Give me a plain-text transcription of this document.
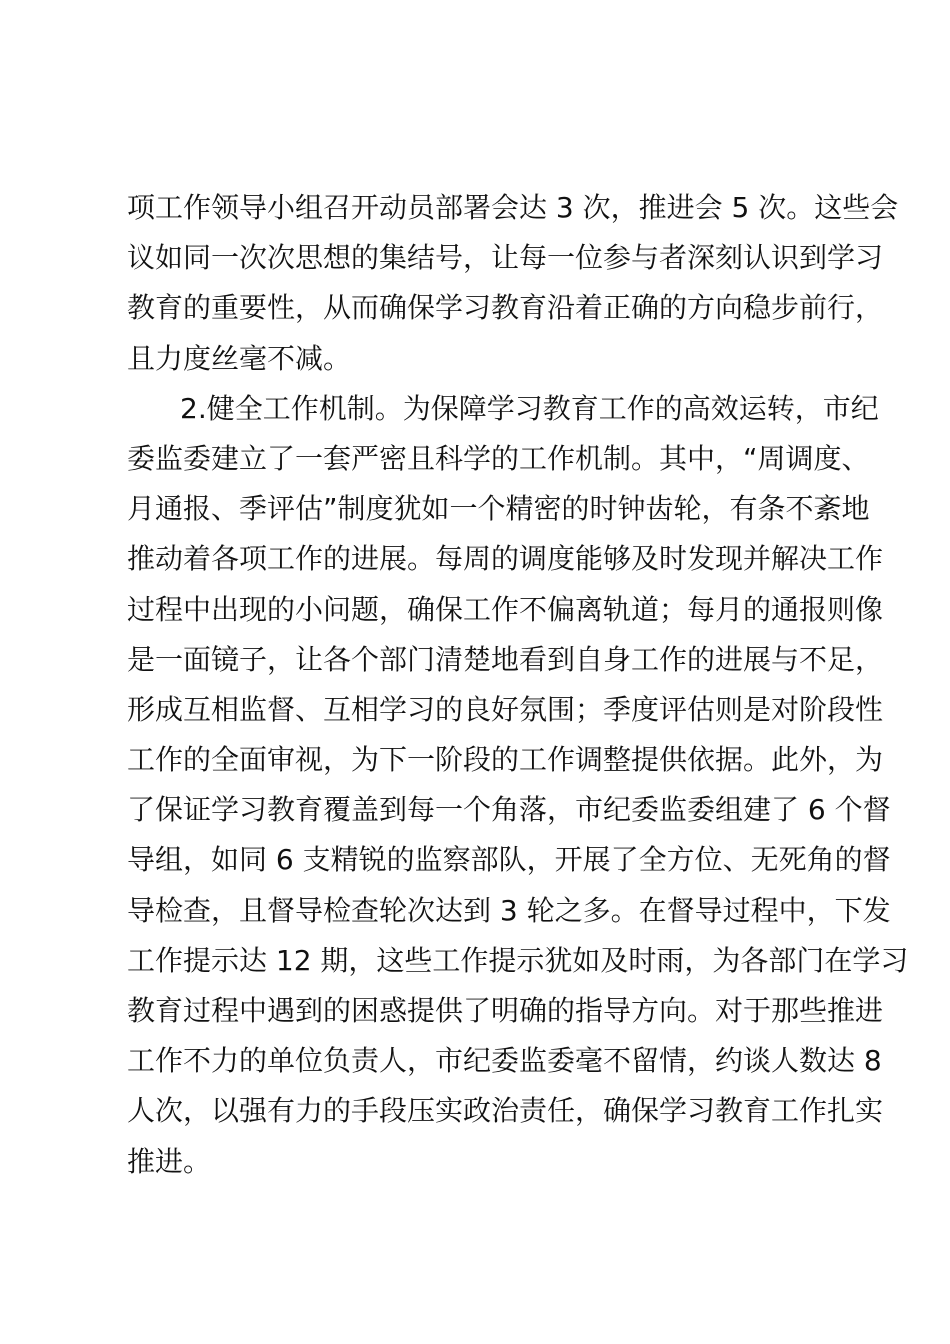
项工作领导小组召开动员部署会达 3 次，推进会 5 次。这些会
议如同一次次思想的集结号，让每一位参与者深刻认识到学习
教育的重要性，从而确保学习教育沿着正确的方向稳步前行，
且力度丝毫不减。
2.健全工作机制。为保障学习教育工作的高效运转，市纪
委监委建立了一套严密且科学的工作机制。其中，“周调度、
月通报、季评估”制度犹如一个精密的时钟齿轮，有条不紊地
推动着各项工作的进展。每周的调度能够及时发现并解决工作
过程中出现的小问题，确保工作不偏离轨道；每月的通报则像
是一面镜子，让各个部门清楚地看到自身工作的进展与不足，
形成互相监督、互相学习的良好氛围；季度评估则是对阶段性
工作的全面审视，为下一阶段的工作调整提供依据。此外，为
了保证学习教育覆盖到每一个角落，市纪委监委组建了 6 个督
导组，如同 6 支精锐的监察部队，开展了全方位、无死角的督
导检查，且督导检查轮次达到 3 轮之多。在督导过程中，下发
工作提示达 12 期，这些工作提示犹如及时雨，为各部门在学习
教育过程中遇到的困惑提供了明确的指导方向。对于那些推进
工作不力的单位负责人，市纪委监委毫不留情，约谈人数达 8
人次，以强有力的手段压实政治责任，确保学习教育工作扎实
推进。
